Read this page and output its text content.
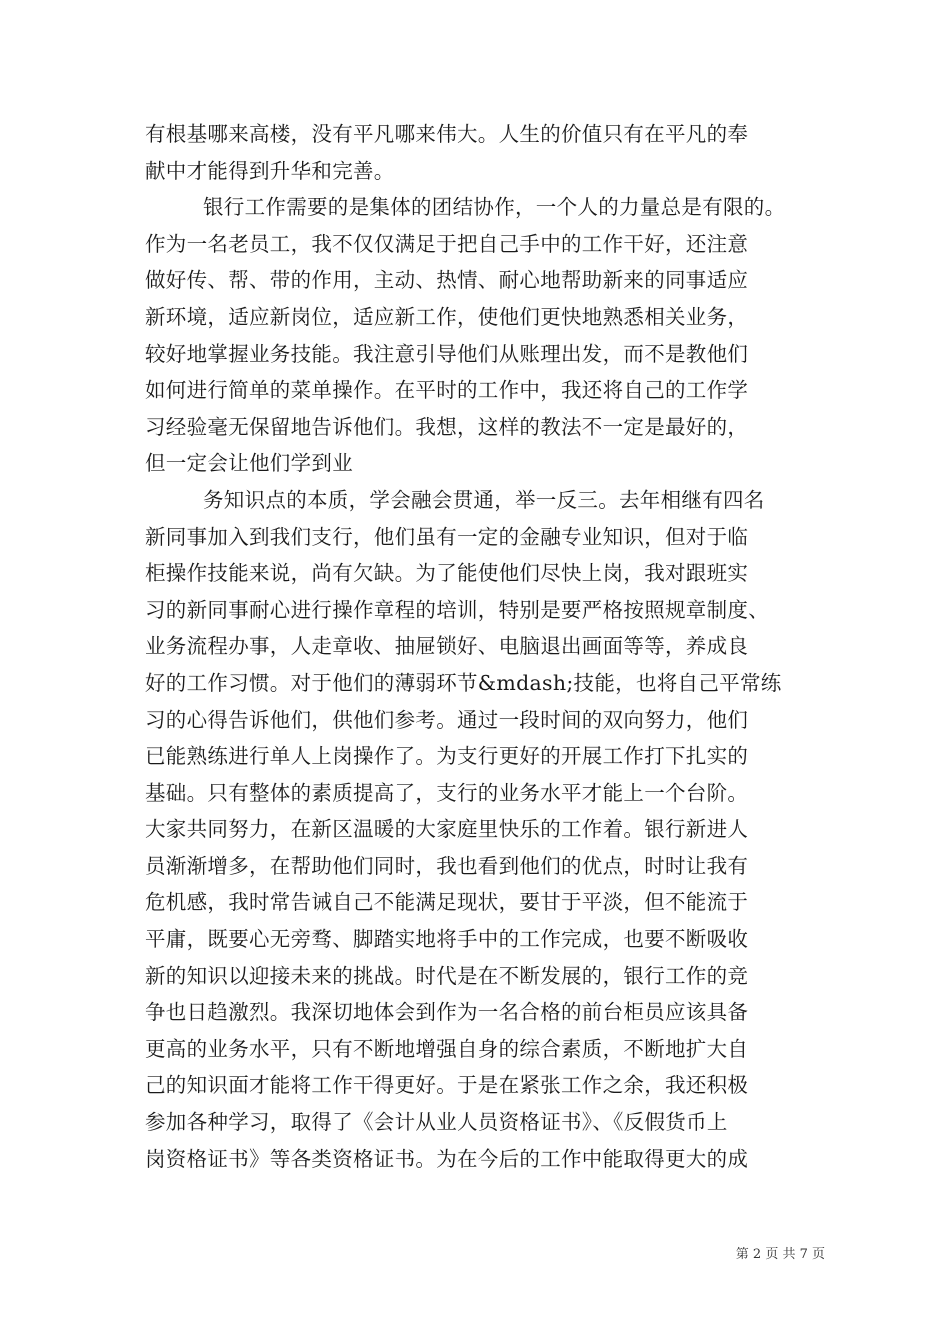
有根基哪来高楼，没有平凡哪来伟大。人生的价值只有在平凡的奉
献中才能得到升华和完善。
银行工作需要的是集体的团结协作，一个人的力量总是有限的。
作为一名老员工，我不仅仅满足于把自己手中的工作干好，还注意
做好传、帮、带的作用，主动、热情、耐心地帮助新来的同事适应
新环境，适应新岗位，适应新工作，使他们更快地熟悉相关业务，
较好地掌握业务技能。我注意引导他们从账理出发，而不是教他们
如何进行简单的菜单操作。在平时的工作中，我还将自己的工作学
习经验毫无保留地告诉他们。我想，这样的教法不一定是最好的，
但一定会让他们学到业
务知识点的本质，学会融会贯通，举一反三。去年相继有四名
新同事加入到我们支行，他们虽有一定的金融专业知识，但对于临
柜操作技能来说，尚有欠缺。为了能使他们尽快上岗，我对跟班实
习的新同事耐心进行操作章程的培训，特别是要严格按照规章制度、
业务流程办事，人走章收、抽屉锁好、电脑退出画面等等，养成良
好的工作习惯。对于他们的薄弱环节&mdash;技能，也将自己平常练
习的心得告诉他们，供他们参考。通过一段时间的双向努力，他们
已能熟练进行单人上岗操作了。为支行更好的开展工作打下扎实的
基础。只有整体的素质提高了，支行的业务水平才能上一个台阶。
大家共同努力，在新区温暖的大家庭里快乐的工作着。银行新进人
员渐渐增多，在帮助他们同时，我也看到他们的优点，时时让我有
危机感，我时常告诫自己不能满足现状，要甘于平淡，但不能流于
平庸，既要心无旁骛、脚踏实地将手中的工作完成，也要不断吸收
新的知识以迎接未来的挑战。时代是在不断发展的，银行工作的竞
争也日趋激烈。我深切地体会到作为一名合格的前台柜员应该具备
更高的业务水平，只有不断地增强自身的综合素质，不断地扩大自
己的知识面才能将工作干得更好。于是在紧张工作之余，我还积极
参加各种学习，取得了《会计从业人员资格证书》、《反假货币上
岗资格证书》等各类资格证书。为在今后的工作中能取得更大的成
第 2 页 共 7 页
